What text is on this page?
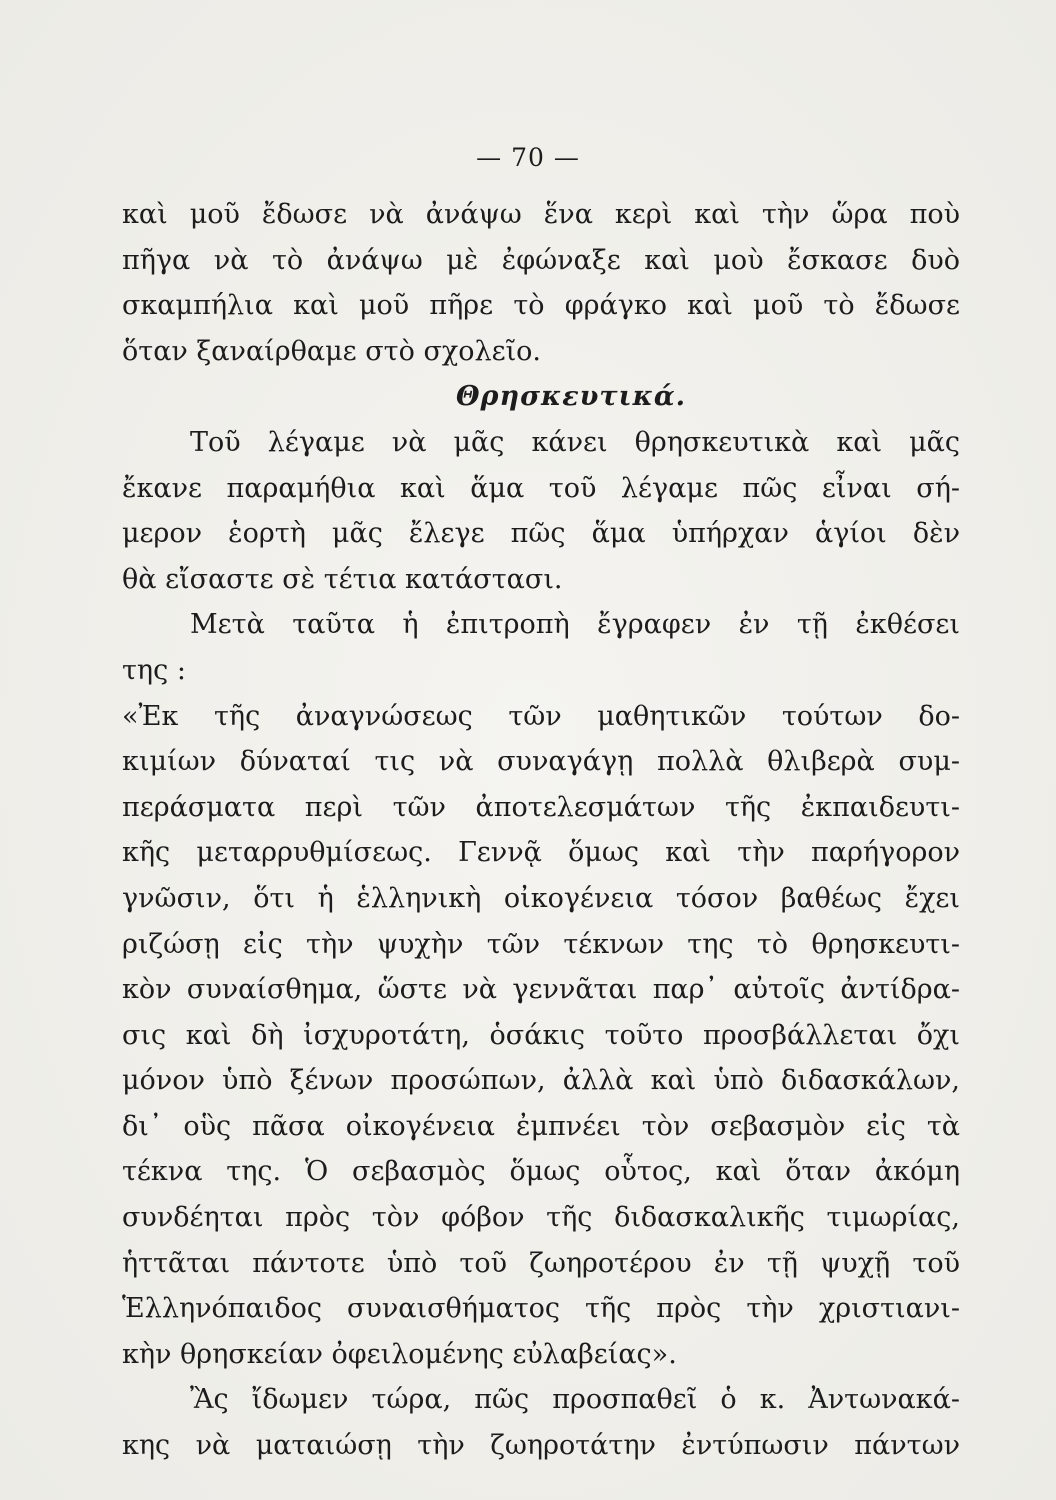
— 70 —
καὶ μοῦ ἔδωσε νὰ ἀνάψω ἕνα κερὶ καὶ τὴν ὥρα ποὺ
πῆγα νὰ τὸ ἀνάψω μὲ ἐφώναξε καὶ μοὺ ἔσκασε δυὸ
σκαμπήλια καὶ μοῦ πῆρε τὸ φράγκο καὶ μοῦ τὸ ἔδωσε
ὅταν ξαναίρθαμε στὸ σχολεῖο.
Θρησκευτικά.
Τοῦ λέγαμε νὰ μᾶς κάνει θρησκευτικὰ καὶ μᾶς
ἔκανε παραμήθια καὶ ἅμα τοῦ λέγαμε πῶς εἶναι σή-
μερον ἑορτὴ μᾶς ἔλεγε πῶς ἅμα ὑπήρχαν ἁγίοι δὲν
θὰ εἴσαστε σὲ τέτια κατάστασι.
Μετὰ ταῦτα ἡ ἐπιτροπὴ ἔγραφεν ἐν τῇ ἐκθέσει
της :
«Ἐκ τῆς ἀναγνώσεως τῶν μαθητικῶν τούτων δο-
κιμίων δύναταί τις νὰ συναγάγῃ πολλὰ θλιβερὰ συμ-
περάσματα περὶ τῶν ἀποτελεσμάτων τῆς ἐκπαιδευτι-
κῆς μεταρρυθμίσεως. Γεννᾷ ὅμως καὶ τὴν παρήγορον
γνῶσιν, ὅτι ἡ ἑλληνικὴ οἰκογένεια τόσον βαθέως ἔχει
ριζώσῃ εἰς τὴν ψυχὴν τῶν τέκνων της τὸ θρησκευτι-
κὸν συναίσθημα, ὥστε νὰ γεννᾶται παρ᾽ αὐτοῖς ἀντίδρα-
σις καὶ δὴ ἰσχυροτάτη, ὁσάκις τοῦτο προσβάλλεται ὄχι
μόνον ὑπὸ ξένων προσώπων, ἀλλὰ καὶ ὑπὸ διδασκάλων,
δι᾽ οὓς πᾶσα οἰκογένεια ἐμπνέει τὸν σεβασμὸν εἰς τὰ
τέκνα της. Ὁ σεβασμὸς ὅμως οὗτος, καὶ ὅταν ἀκόμη
συνδέηται πρὸς τὸν φόβον τῆς διδασκαλικῆς τιμωρίας,
ἡττᾶται πάντοτε ὑπὸ τοῦ ζωηροτέρου ἐν τῇ ψυχῇ τοῦ
Ἑλληνόπαιδος συναισθήματος τῆς πρὸς τὴν χριστιανι-
κὴν θρησκείαν ὀφειλομένης εὐλαβείας».
Ἂς ἴδωμεν τώρα, πῶς προσπαθεῖ ὁ κ. Ἀντωνακά-
κης νὰ ματαιώσῃ τὴν ζωηροτάτην ἐντύπωσιν πάντων
